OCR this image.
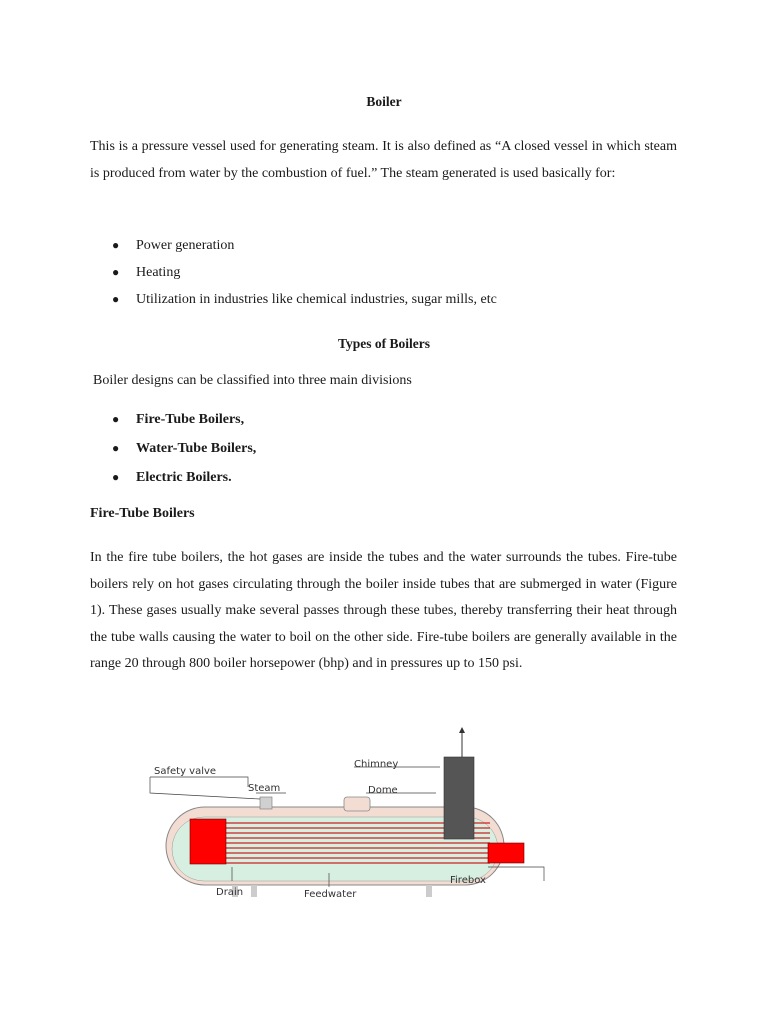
Boiler

This is a pressure vessel used for generating steam. It is also defined as “A closed vessel in which steam is produced from water by the combustion of fuel.” The steam generated is used basically for:

● Power generation
● Heating
● Utilization in industries like chemical industries, sugar mills, etc
Types of Boilers
Boiler designs can be classified into three main divisions
● Fire-Tube Boilers,
● Water-Tube Boilers,
● Electric Boilers.
Fire-Tube Boilers

In the fire tube boilers, the hot gases are inside the tubes and the water surrounds the tubes. Fire-tube boilers rely on hot gases circulating through the boiler inside tubes that are submerged in water (Figure 1). These gases usually make several passes through these tubes, thereby transferring their heat through the tube walls causing the water to boil on the other side. Fire-tube boilers are generally available in the range 20 through 800 boiler horsepower (bhp) and in pressures up to 150 psi.

Safety valve
Steam
Chimney
Dome
Drain	Feedwater
Firebox
